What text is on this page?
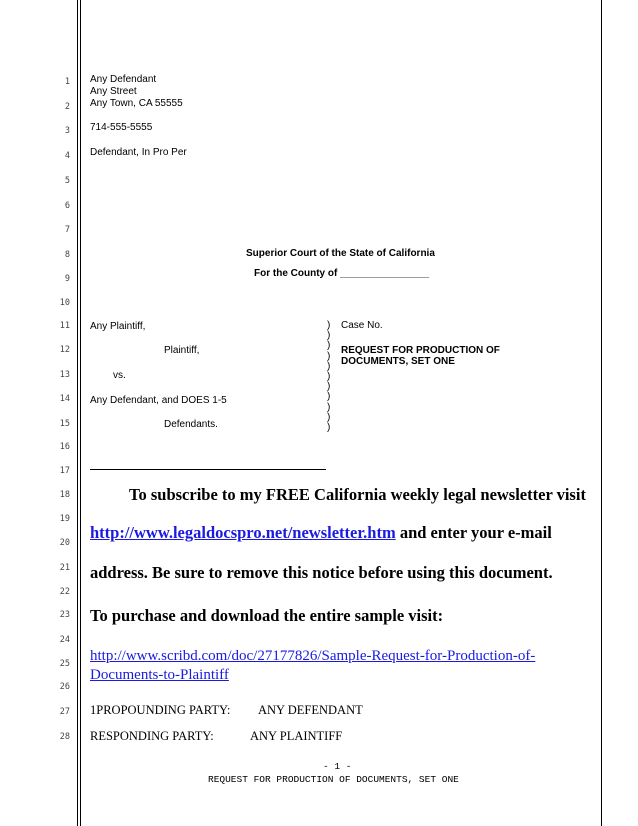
1
2
3
4
5
6
7
8
9
10
11
12
13
14
15
16
17
18
19
20
21
22
23
24
25
26
27
28
Any Defendant
Any Street
Any Town, CA 55555
714-555-5555
Defendant, In Pro Per
Superior Court of the State of California
For the County of ________________
Any Plaintiff,
Plaintiff,
vs.
Any Defendant, and DOES 1-5
Defendants.
)
)
)
)
)
)
)
)
)
)
)
Case No.
REQUEST FOR PRODUCTION OF
DOCUMENTS, SET ONE
To subscribe to my FREE California weekly legal newsletter visit
http://www.legaldocspro.net/newsletter.htm and enter your e-mail
address. Be sure to remove this notice before using this document.
To purchase and download the entire sample visit:
http://www.scribd.com/doc/27177826/Sample-Request-for-Production-of-
Documents-to-Plaintiff
1PROPOUNDING PARTY: ANY DEFENDANT
RESPONDING PARTY:	ANY PLAINTIFF
- 1 -
REQUEST FOR PRODUCTION OF DOCUMENTS, SET ONE
